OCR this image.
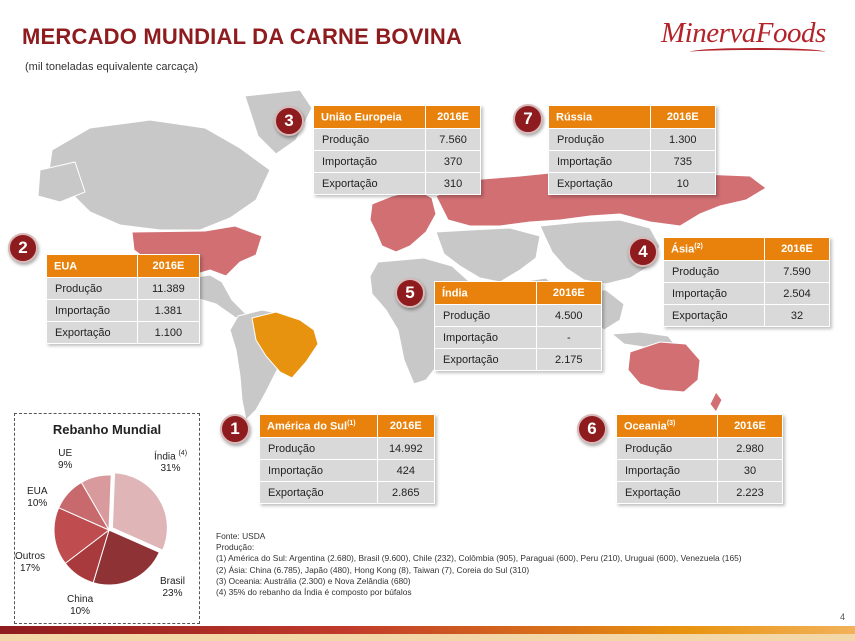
MERCADO MUNDIAL DA CARNE BOVINA
(mil toneladas equivalente carcaça)
MinervaFoods
2
3	7
4
5
1	6
EUA	2016E
Produção	11.389
Importação	1.381
Exportação	1.100
União Europeia	2016E
Produção	7.560
Importação	370
Exportação	310
Rússia	2016E
Produção	1.300
Importação	735
Exportação	10
Ásia$^{(2)}$	2016E
Produção	7.590
Importação	2.504
Exportação	32
Índia	2016E
Produção	4.500
Importação	-
Exportação	2.175
América do Sul$^{(1)}$	2016E
Produção	14.992
Importação	424
Exportação	2.865
Oceania$^{(3)}$	2016E
Produção	2.980
Importação	30
Exportação	2.223
Rebanho Mundial
Índia $^{(4)}$
31%
Brasil
23%
China
10%
Outros
17%
EUA
10%
UE
9%
Fonte: USDA
Produção:
(1) América do Sul: Argentina (2.680), Brasil (9.600), Chile (232), Colômbia (905), Paraguai (600), Peru (210), Uruguai (600), Venezuela (165)
(2) Ásia: China (6.785), Japão (480), Hong Kong (8), Taiwan (7), Coreia do Sul (310)
(3) Oceania: Austrália (2.300) e Nova Zelândia (680)
(4) 35% do rebanho da Índia é composto por búfalos
4
